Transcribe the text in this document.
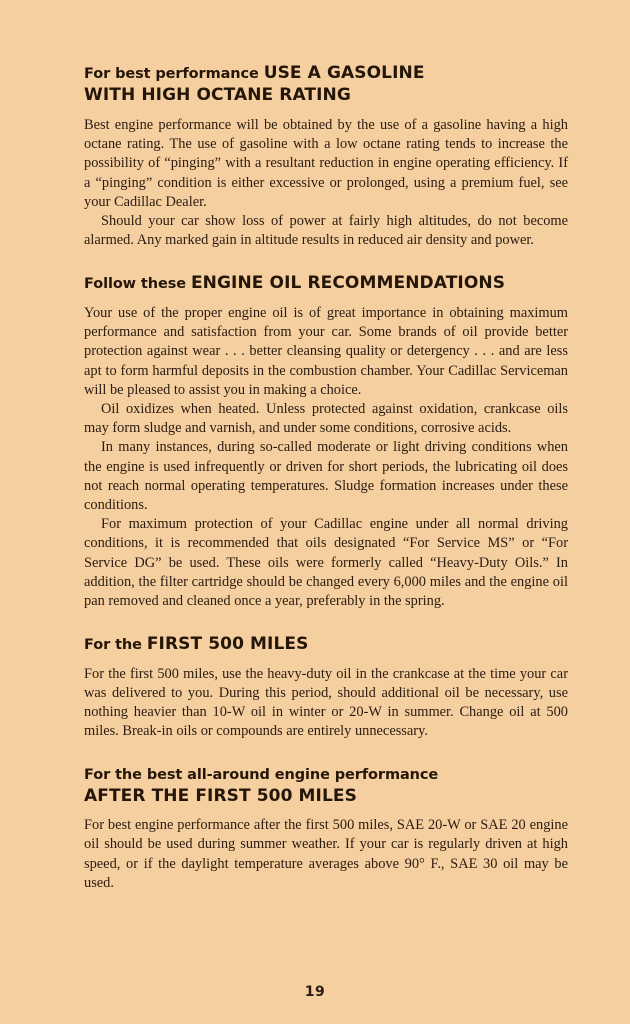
For best performance USE A GASOLINE
WITH HIGH OCTANE RATING

Best engine performance will be obtained by the use of a gasoline having a high octane rating. The use of gasoline with a low octane rating tends to increase the possibility of “pinging” with a resultant reduction in engine operating efficiency. If a “pinging” condition is either excessive or prolonged, using a premium fuel, see your Cadillac Dealer.

Should your car show loss of power at fairly high altitudes, do not become alarmed. Any marked gain in altitude results in reduced air density and power.

Follow these ENGINE OIL RECOMMENDATIONS

Your use of the proper engine oil is of great importance in obtaining maximum performance and satisfaction from your car. Some brands of oil provide better protection against wear . . . better cleansing quality or detergency . . . and are less apt to form harmful deposits in the combustion chamber. Your Cadillac Serviceman will be pleased to assist you in making a choice.

Oil oxidizes when heated. Unless protected against oxidation, crankcase oils may form sludge and varnish, and under some conditions, corrosive acids.

In many instances, during so-called moderate or light driving conditions when the engine is used infrequently or driven for short periods, the lubricating oil does not reach normal operating temperatures. Sludge formation increases under these conditions.

For maximum protection of your Cadillac engine under all normal driving conditions, it is recommended that oils designated “For Service MS” or “For Service DG” be used. These oils were formerly called “Heavy-Duty Oils.” In addition, the filter cartridge should be changed every 6,000 miles and the engine oil pan removed and cleaned once a year, preferably in the spring.

For the FIRST 500 MILES

For the first 500 miles, use the heavy-duty oil in the crankcase at the time your car was delivered to you. During this period, should additional oil be necessary, use nothing heavier than 10-W oil in winter or 20-W in summer. Change oil at 500 miles. Break-in oils or compounds are entirely unnecessary.

For the best all-around engine performance
AFTER THE FIRST 500 MILES

For best engine performance after the first 500 miles, SAE 20-W or SAE 20 engine oil should be used during summer weather. If your car is regularly driven at high speed, or if the daylight temperature averages above 90° F., SAE 30 oil may be used.

19
